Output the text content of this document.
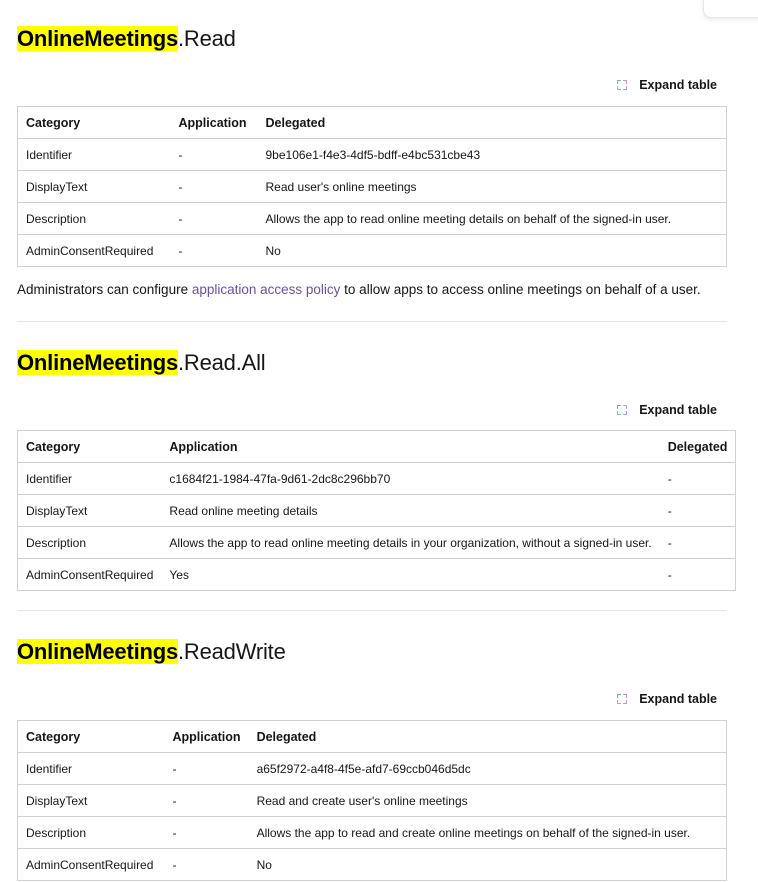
OnlineMeetings.Read
Expand table
Category	Application	Delegated
Identifier	-	9be106e1-f4e3-4df5-bdff-e4bc531cbe43
DisplayText	-	Read user's online meetings
Description	-	Allows the app to read online meeting details on behalf of the signed-in user.
AdminConsentRequired	-	No

Administrators can configure application access policy to allow apps to access online meetings on behalf of a user.

OnlineMeetings.Read.All
Expand table
Category	Application	Delegated
Identifier	c1684f21-1984-47fa-9d61-2dc8c296bb70	-
DisplayText	Read online meeting details	-
Description	Allows the app to read online meeting details in your organization, without a signed-in user.	-
AdminConsentRequired	Yes	-
OnlineMeetings.ReadWrite
Expand table
Category	Application	Delegated
Identifier	-	a65f2972-a4f8-4f5e-afd7-69ccb046d5dc
DisplayText	-	Read and create user's online meetings
Description	-	Allows the app to read and create online meetings on behalf of the signed-in user.
AdminConsentRequired	-	No
